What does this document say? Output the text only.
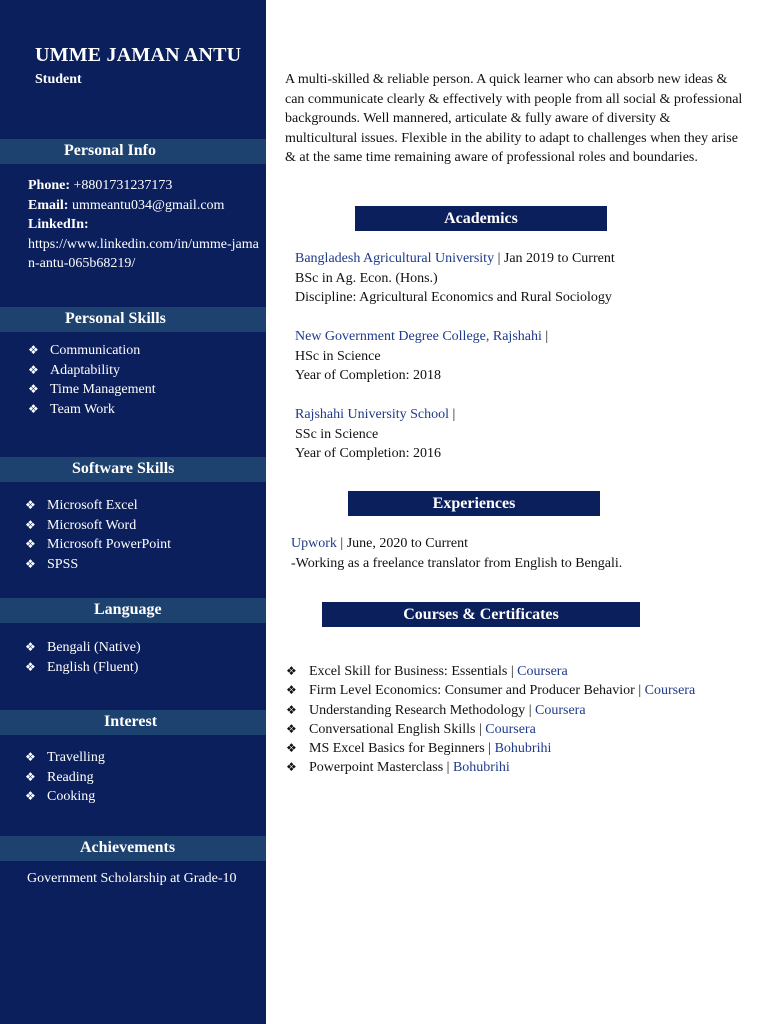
UMME JAMAN ANTU
Student
Personal Info
Phone: +8801731237173
Email: ummeantu034@gmail.com
LinkedIn:
https://www.linkedin.com/in/umme-jaman-antu-065b68219/
Personal Skills
❖ Communication
❖ Adaptability
❖ Time Management
❖ Team Work
Software Skills
❖ Microsoft Excel
❖ Microsoft Word
❖ Microsoft PowerPoint
❖ SPSS
Language
❖ Bengali (Native)
❖ English (Fluent)
Interest
❖ Travelling
❖ Reading
❖ Cooking
Achievements
Government Scholarship at Grade-10
A multi-skilled & reliable person. A quick learner who can absorb new ideas & can communicate clearly & effectively with people from all social & professional backgrounds. Well mannered, articulate & fully aware of diversity & multicultural issues. Flexible in the ability to adapt to challenges when they arise & at the same time remaining aware of professional roles and boundaries.
Academics
Bangladesh Agricultural University | Jan 2019 to Current
BSc in Ag. Econ. (Hons.)
Discipline: Agricultural Economics and Rural Sociology
New Government Degree College, Rajshahi |
HSc in Science
Year of Completion: 2018
Rajshahi University School |
SSc in Science
Year of Completion: 2016
Experiences
Upwork | June, 2020 to Current
-Working as a freelance translator from English to Bengali.
Courses & Certificates
❖ Excel Skill for Business: Essentials | Coursera
❖ Firm Level Economics: Consumer and Producer Behavior | Coursera
❖ Understanding Research Methodology | Coursera
❖ Conversational English Skills | Coursera
❖ MS Excel Basics for Beginners | Bohubrihi
❖ Powerpoint Masterclass | Bohubrihi
